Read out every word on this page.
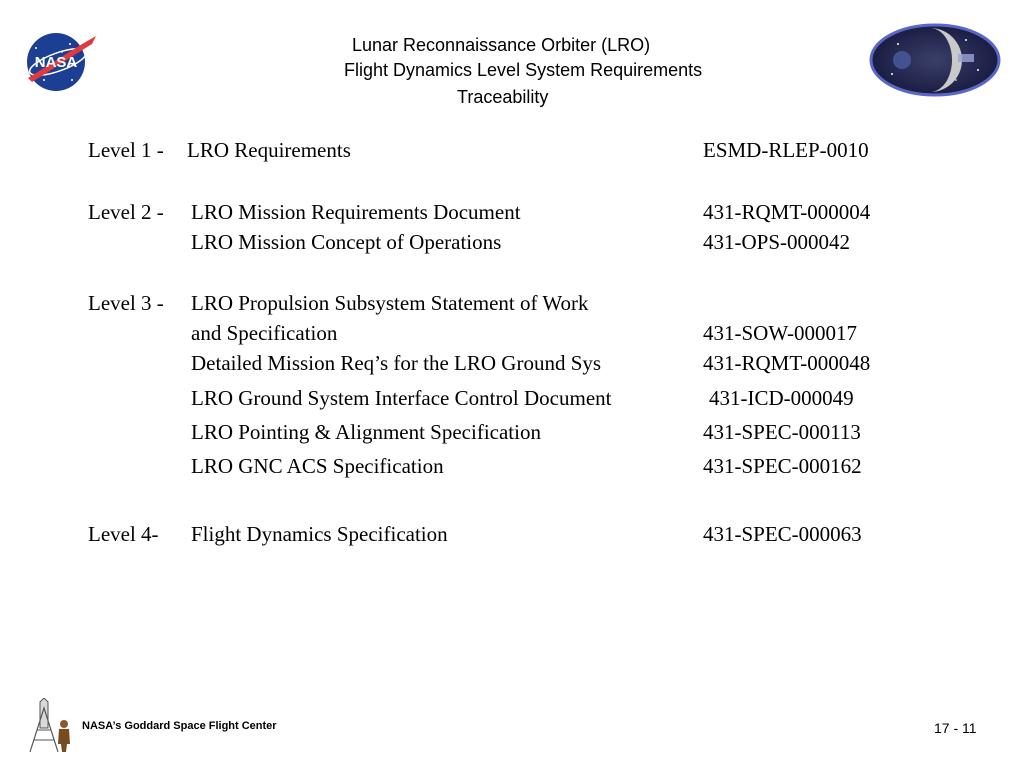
NASA
Lunar Reconnaissance Orbiter (LRO)
Flight Dynamics Level System Requirements
Traceability
Level 1 - LRO Requirements	ESMD-RLEP-0010
Level 2 - LRO Mission Requirements Document	431-RQMT-000004
LRO Mission Concept of Operations	431-OPS-000042
Level 3 - LRO Propulsion Subsystem Statement of Work
and Specification	431-SOW-000017
Detailed Mission Req’s for the LRO Ground Sys	431-RQMT-000048
LRO Ground System Interface Control Document	431-ICD-000049
LRO Pointing & Alignment Specification	431-SPEC-000113
LRO GNC ACS Specification	431-SPEC-000162
Level 4- Flight Dynamics Specification	431-SPEC-000063
NASA’s Goddard Space Flight Center	17 - 11
